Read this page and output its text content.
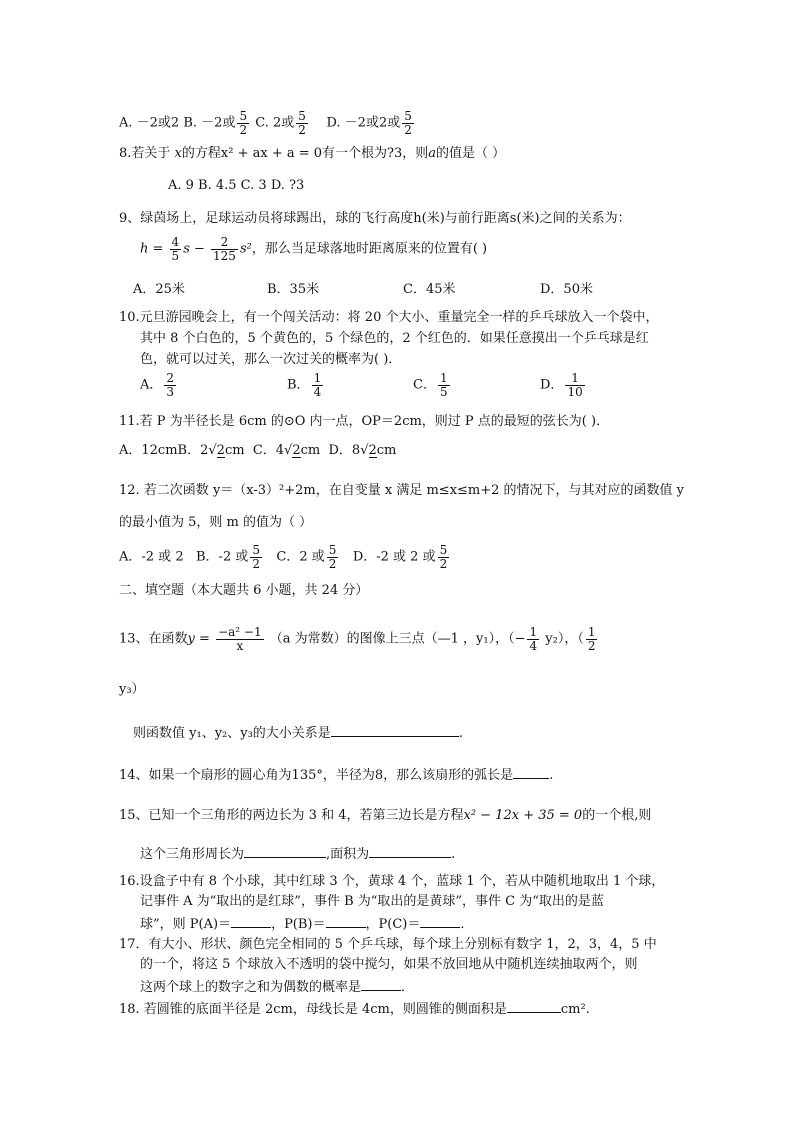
A. －2或2 B. －2或 $\frac{5}{2} C$. 2或 $\frac{5}{2} D$. －2或2或 $\frac{5}{2}$
8.若关于 x的方程x² + ax + a = 0有一个根为?3，则a的值是（ ）
A. 9 B. 4.5 C. 3 D. ?3
9、绿茵场上，足球运动员将球踢出，球的飞行高度h(米)与前行距离s(米)之间的关系为：
$h = \frac{4}{5}$ $s - \frac{2}{125} s^2$，那么当足球落地时距离原来的位置有( )
A．25米	B．35米	C．45米	D．50米
10.元旦游园晚会上，有一个闯关活动：将 20 个大小、重量完全一样的乒乓球放入一个袋中，
其中 8 个白色的，5 个黄色的，5 个绿色的，2 个红色的．如果任意摸出一个乒乓球是红
色，就可以过关，那么一次过关的概率为( )．
A． $\frac{2}{3}$	B． $\frac{1}{4}$	C． $\frac{1}{5}$	D． $\frac{1}{10}$
11.若 P 为半径长是 6cm 的⊙O 内一点，OP＝2cm，则过 P 点的最短的弦长为( )．
A．12cmB．2√2cm C．4√2cm D．8√2cm
12. 若二次函数 y＝（x-3）²+2m，在自变量 x 满足 m≤x≤m+2 的情况下，与其对应的函数值 y
的最小值为 5，则 m 的值为（ ）
A．-2 或 2 B．-2 或 $\frac{5}{2}$ C．2 或 $\frac{5}{2}$ D．-2 或 2 或 $\frac{5}{2}$
二、填空题（本大题共 6 小题，共 24 分）
13、在函数$y = \frac{\text{−a² −1}}{x} (a$ 为常数）的图像上三点（—1 ，y₁），（− $\frac{1}{4} y_2$），（ $\frac{1}{2}$
y₃）
则函数值 y₁、y₂、y₃的大小关系是	.
14、如果一个扇形的圆心角为135°，半径为8，那么该扇形的弧长是	.
15、已知一个三角形的两边长为 3 和 4，若第三边长是方程x² − 12x + 35 = 0的一个根,则
这个三角形周长为	,面积为	.
16.设盒子中有 8 个小球，其中红球 3 个，黄球 4 个，蓝球 1 个，若从中随机地取出 1 个球，
记事件 A 为“取出的是红球”，事件 B 为“取出的是黄球”，事件 C 为“取出的是蓝
球”，则 P(A)＝	，P(B)＝	，P(C)＝	．
17．有大小、形状、颜色完全相同的 5 个乒乓球，每个球上分别标有数字 1，2，3，4，5 中
的一个，将这 5 个球放入不透明的袋中搅匀，如果不放回地从中随机连续抽取两个，则
这两个球上的数字之和为偶数的概率是	．
18. 若圆锥的底面半径是 2cm，母线长是 4cm，则圆锥的侧面积是	cm².
